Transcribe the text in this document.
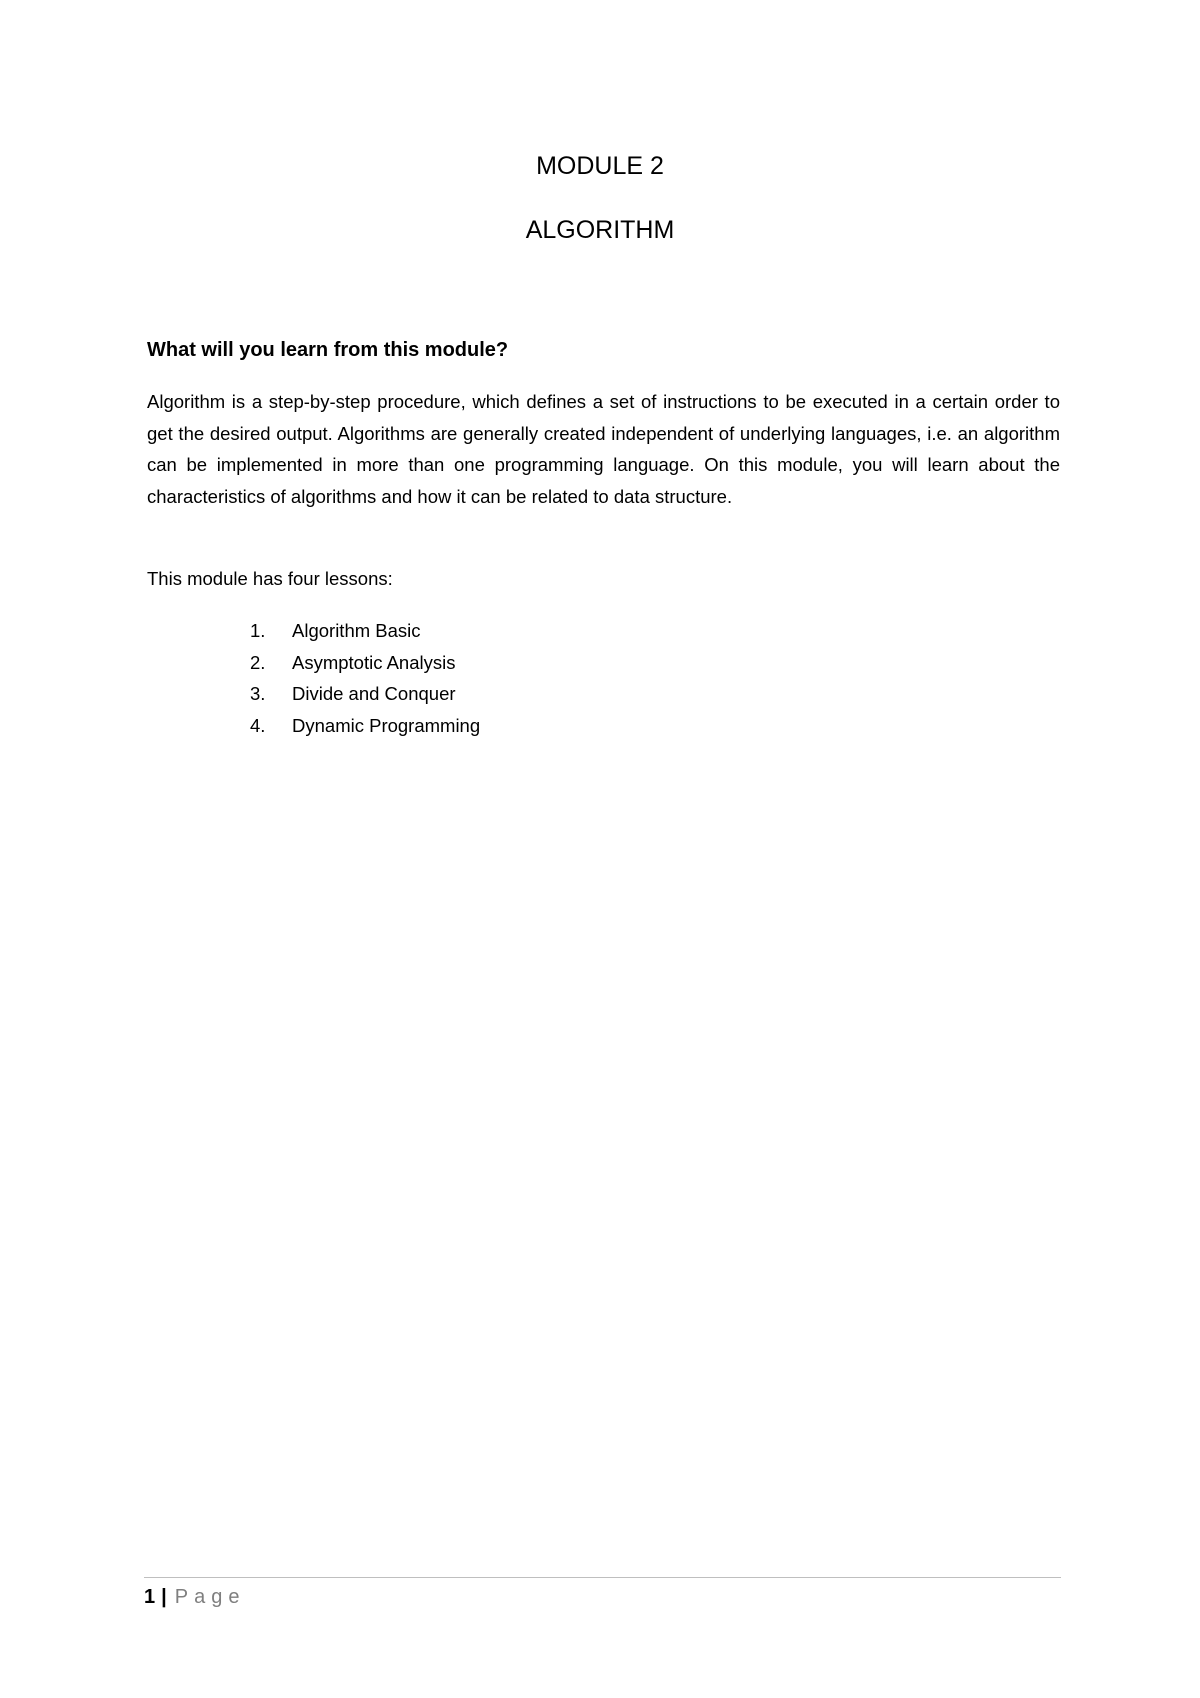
MODULE 2
ALGORITHM
What will you learn from this module?
Algorithm is a step-by-step procedure, which defines a set of instructions to be executed in a certain order to get the desired output. Algorithms are generally created independent of underlying languages, i.e. an algorithm can be implemented in more than one programming language. On this module, you will learn about the characteristics of algorithms and how it can be related to data structure.
This module has four lessons:
1.	Algorithm Basic
2.	Asymptotic Analysis
3.	Divide and Conquer
4.	Dynamic Programming
1 | Page
